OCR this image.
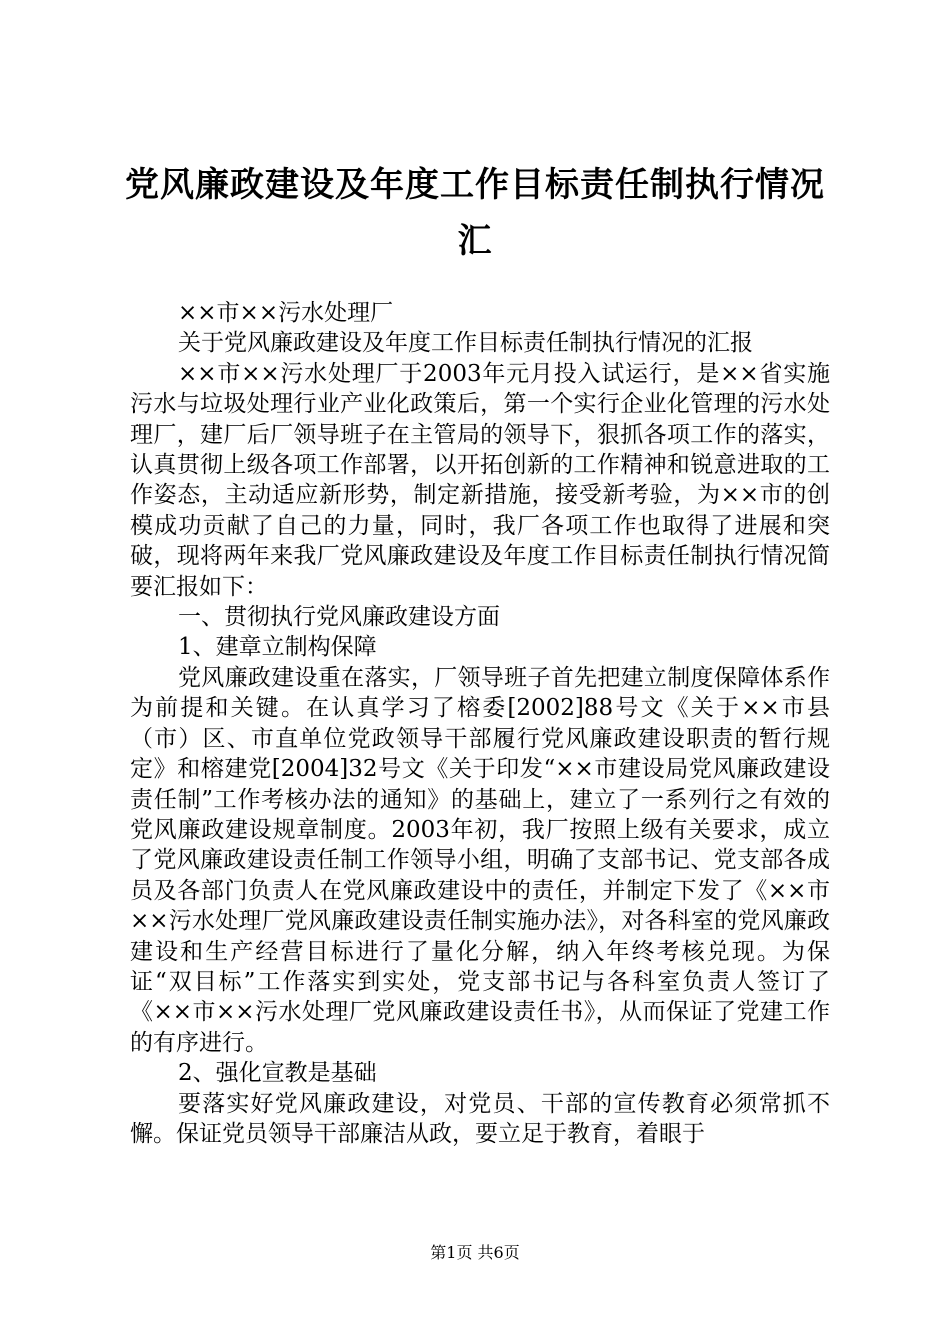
党风廉政建设及年度工作目标责任制执行情况汇

××市××污水处理厂

关于党风廉政建设及年度工作目标责任制执行情况的汇报

××市××污水处理厂于2003年元月投入试运行，是××省实施污水与垃圾处理行业产业化政策后，第一个实行企业化管理的污水处理厂，建厂后厂领导班子在主管局的领导下，狠抓各项工作的落实，认真贯彻上级各项工作部署，以开拓创新的工作精神和锐意进取的工作姿态，主动适应新形势，制定新措施，接受新考验，为××市的创模成功贡献了自己的力量，同时，我厂各项工作也取得了进展和突破，现将两年来我厂党风廉政建设及年度工作目标责任制执行情况简要汇报如下：

一、贯彻执行党风廉政建设方面

1、建章立制构保障

党风廉政建设重在落实，厂领导班子首先把建立制度保障体系作为前提和关键。在认真学习了榕委[2002]88号文《关于××市县（市）区、市直单位党政领导干部履行党风廉政建设职责的暂行规定》和榕建党[2004]32号文《关于印发“××市建设局党风廉政建设责任制”工作考核办法的通知》的基础上，建立了一系列行之有效的党风廉政建设规章制度。2003年初，我厂按照上级有关要求，成立了党风廉政建设责任制工作领导小组，明确了支部书记、党支部各成员及各部门负责人在党风廉政建设中的责任，并制定下发了《××市××污水处理厂党风廉政建设责任制实施办法》，对各科室的党风廉政建设和生产经营目标进行了量化分解，纳入年终考核兑现。为保证“双目标”工作落实到实处，党支部书记与各科室负责人签订了《××市××污水处理厂党风廉政建设责任书》，从而保证了党建工作的有序进行。

2、强化宣教是基础

要落实好党风廉政建设，对党员、干部的宣传教育必须常抓不懈。保证党员领导干部廉洁从政，要立足于教育，着眼于

第1页 共6页
